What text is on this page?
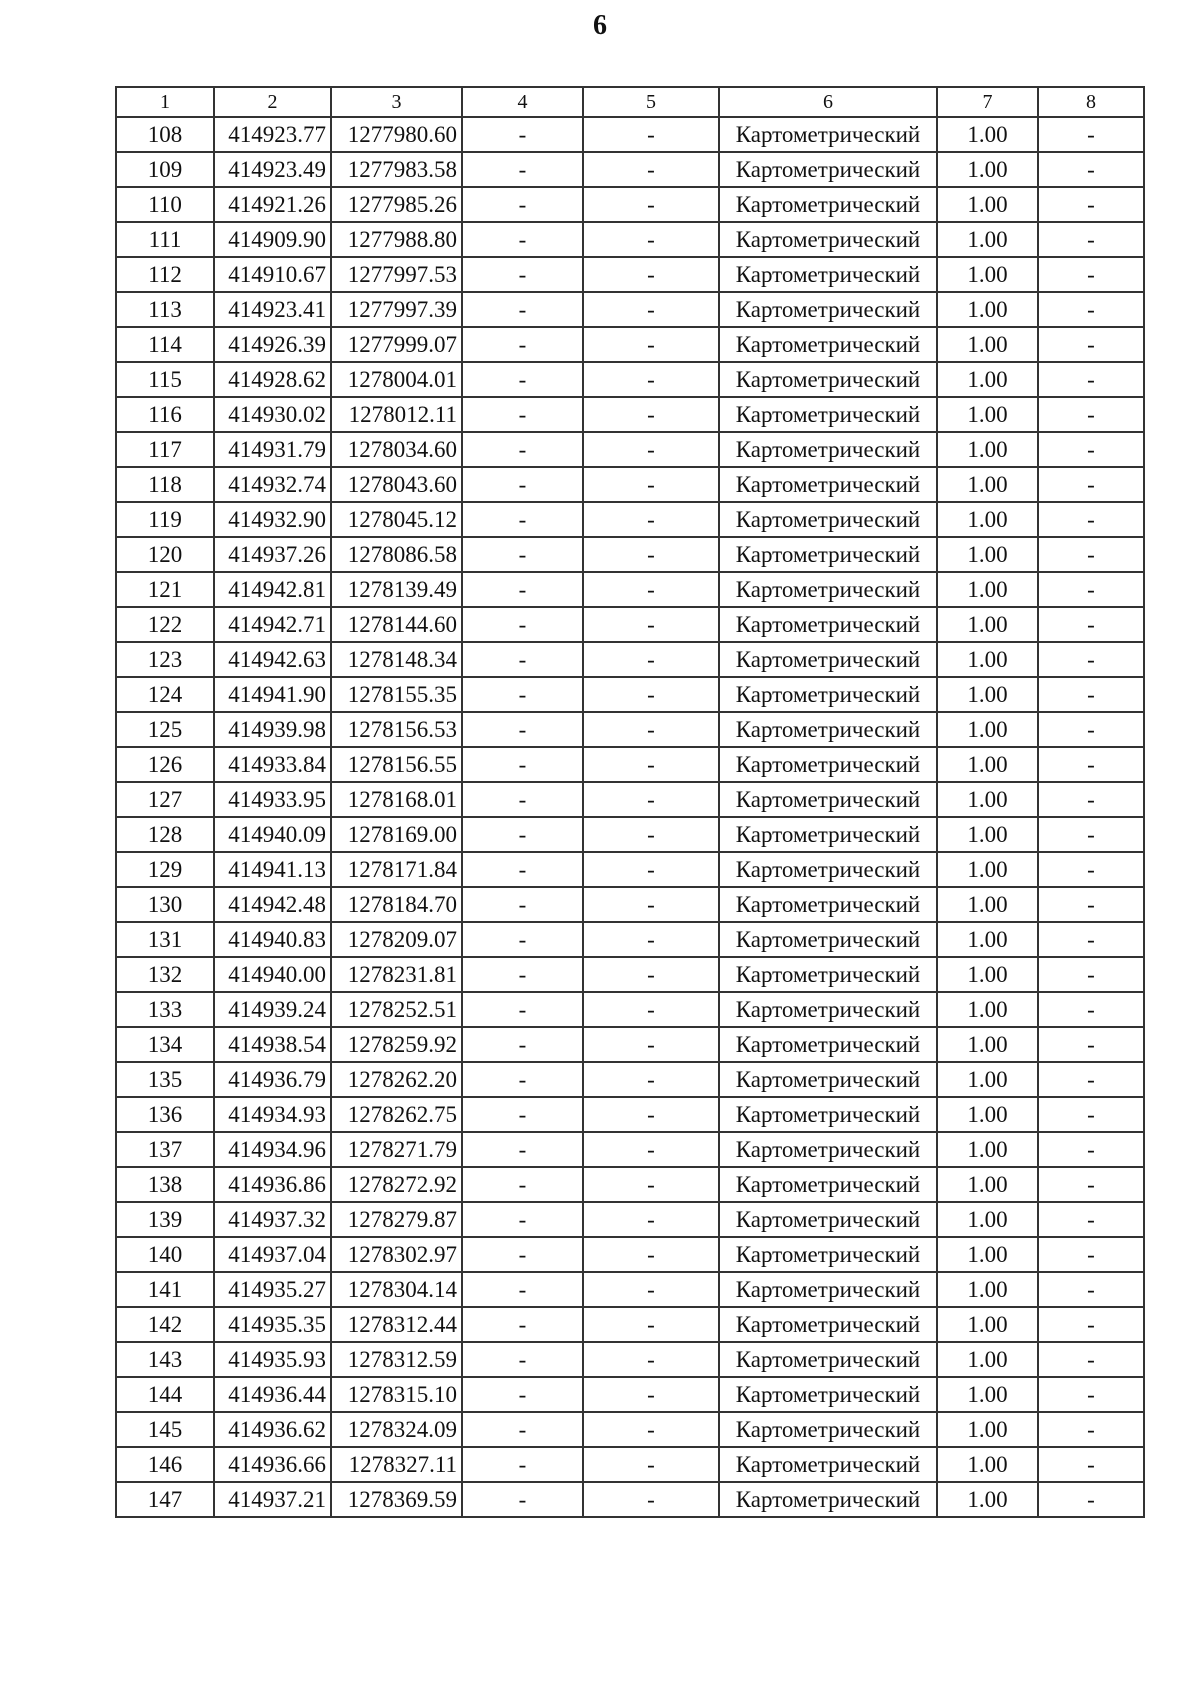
6
1	2	3	4	5	6	7	8
108	414923.77	1277980.60	-	-	Картометрический	1.00	-
109	414923.49	1277983.58	-	-	Картометрический	1.00	-
110	414921.26	1277985.26	-	-	Картометрический	1.00	-
111	414909.90	1277988.80	-	-	Картометрический	1.00	-
112	414910.67	1277997.53	-	-	Картометрический	1.00	-
113	414923.41	1277997.39	-	-	Картометрический	1.00	-
114	414926.39	1277999.07	-	-	Картометрический	1.00	-
115	414928.62	1278004.01	-	-	Картометрический	1.00	-
116	414930.02	1278012.11	-	-	Картометрический	1.00	-
117	414931.79	1278034.60	-	-	Картометрический	1.00	-
118	414932.74	1278043.60	-	-	Картометрический	1.00	-
119	414932.90	1278045.12	-	-	Картометрический	1.00	-
120	414937.26	1278086.58	-	-	Картометрический	1.00	-
121	414942.81	1278139.49	-	-	Картометрический	1.00	-
122	414942.71	1278144.60	-	-	Картометрический	1.00	-
123	414942.63	1278148.34	-	-	Картометрический	1.00	-
124	414941.90	1278155.35	-	-	Картометрический	1.00	-
125	414939.98	1278156.53	-	-	Картометрический	1.00	-
126	414933.84	1278156.55	-	-	Картометрический	1.00	-
127	414933.95	1278168.01	-	-	Картометрический	1.00	-
128	414940.09	1278169.00	-	-	Картометрический	1.00	-
129	414941.13	1278171.84	-	-	Картометрический	1.00	-
130	414942.48	1278184.70	-	-	Картометрический	1.00	-
131	414940.83	1278209.07	-	-	Картометрический	1.00	-
132	414940.00	1278231.81	-	-	Картометрический	1.00	-
133	414939.24	1278252.51	-	-	Картометрический	1.00	-
134	414938.54	1278259.92	-	-	Картометрический	1.00	-
135	414936.79	1278262.20	-	-	Картометрический	1.00	-
136	414934.93	1278262.75	-	-	Картометрический	1.00	-
137	414934.96	1278271.79	-	-	Картометрический	1.00	-
138	414936.86	1278272.92	-	-	Картометрический	1.00	-
139	414937.32	1278279.87	-	-	Картометрический	1.00	-
140	414937.04	1278302.97	-	-	Картометрический	1.00	-
141	414935.27	1278304.14	-	-	Картометрический	1.00	-
142	414935.35	1278312.44	-	-	Картометрический	1.00	-
143	414935.93	1278312.59	-	-	Картометрический	1.00	-
144	414936.44	1278315.10	-	-	Картометрический	1.00	-
145	414936.62	1278324.09	-	-	Картометрический	1.00	-
146	414936.66	1278327.11	-	-	Картометрический	1.00	-
147	414937.21	1278369.59	-	-	Картометрический	1.00	-
